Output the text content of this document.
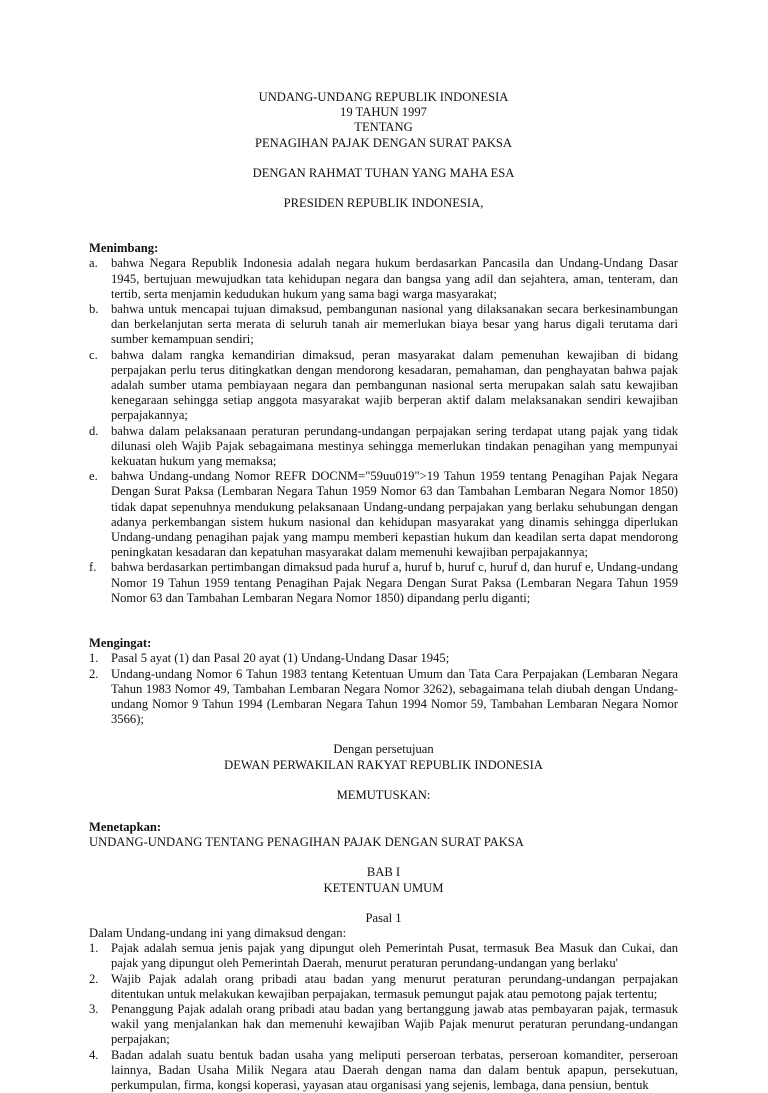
UNDANG-UNDANG REPUBLIK INDONESIA
19 TAHUN 1997
TENTANG
PENAGIHAN PAJAK DENGAN SURAT PAKSA
DENGAN RAHMAT TUHAN YANG MAHA ESA
PRESIDEN REPUBLIK INDONESIA,
Menimbang:
a.	bahwa Negara Republik Indonesia adalah negara hukum berdasarkan Pancasila dan Undang-Undang Dasar 1945, bertujuan mewujudkan tata kehidupan negara dan bangsa yang adil dan sejahtera, aman, tenteram, dan tertib, serta menjamin kedudukan hukum yang sama bagi warga masyarakat;
b. bahwa untuk mencapai tujuan dimaksud, pembangunan nasional yang dilaksanakan secara berkesinambungan dan berkelanjutan serta merata di seluruh tanah air memerlukan biaya besar yang harus digali terutama dari sumber kemampuan sendiri;
c.	bahwa dalam rangka kemandirian dimaksud, peran masyarakat dalam pemenuhan kewajiban di bidang perpajakan perlu terus ditingkatkan dengan mendorong kesadaran, pemahaman, dan penghayatan bahwa pajak adalah sumber utama pembiayaan negara dan pembangunan nasional serta merupakan salah satu kewajiban kenegaraan sehingga setiap anggota masyarakat wajib berperan aktif dalam melaksanakan sendiri kewajiban perpajakannya;
d. bahwa dalam pelaksanaan peraturan perundang-undangan perpajakan sering terdapat utang pajak yang tidak dilunasi oleh Wajib Pajak sebagaimana mestinya sehingga memerlukan tindakan penagihan yang mempunyai kekuatan hukum yang memaksa;
e.	bahwa Undang-undang Nomor REFR DOCNM="59uu019">19 Tahun 1959 tentang Penagihan Pajak Negara Dengan Surat Paksa (Lembaran Negara Tahun 1959 Nomor 63 dan Tambahan Lembaran Negara Nomor 1850) tidak dapat sepenuhnya mendukung pelaksanaan Undang-undang perpajakan yang berlaku sehubungan dengan adanya perkembangan sistem hukum nasional dan kehidupan masyarakat yang dinamis sehingga diperlukan Undang-undang penagihan pajak yang mampu memberi kepastian hukum dan keadilan serta dapat mendorong peningkatan kesadaran dan kepatuhan masyarakat dalam memenuhi kewajiban perpajakannya;
f.	bahwa berdasarkan pertimbangan dimaksud pada huruf a, huruf b, huruf c, huruf d, dan huruf e, Undang-undang Nomor 19 Tahun 1959 tentang Penagihan Pajak Negara Dengan Surat Paksa (Lembaran Negara Tahun 1959 Nomor 63 dan Tambahan Lembaran Negara Nomor 1850) dipandang perlu diganti;
Mengingat:
1. Pasal 5 ayat (1) dan Pasal 20 ayat (1) Undang-Undang Dasar 1945;
2. Undang-undang Nomor 6 Tahun 1983 tentang Ketentuan Umum dan Tata Cara Perpajakan (Lembaran Negara Tahun 1983 Nomor 49, Tambahan Lembaran Negara Nomor 3262), sebagaimana telah diubah dengan Undang-undang Nomor 9 Tahun 1994 (Lembaran Negara Tahun 1994 Nomor 59, Tambahan Lembaran Negara Nomor 3566);
Dengan persetujuan
DEWAN PERWAKILAN RAKYAT REPUBLIK INDONESIA
MEMUTUSKAN:
Menetapkan:
UNDANG-UNDANG TENTANG PENAGIHAN PAJAK DENGAN SURAT PAKSA
BAB I
KETENTUAN UMUM
Pasal 1
Dalam Undang-undang ini yang dimaksud dengan:
1. Pajak adalah semua jenis pajak yang dipungut oleh Pemerintah Pusat, termasuk Bea Masuk dan Cukai, dan pajak yang dipungut oleh Pemerintah Daerah, menurut peraturan perundang-undangan yang berlaku'
2. Wajib Pajak adalah orang pribadi atau badan yang menurut peraturan perundang-undangan perpajakan ditentukan untuk melakukan kewajiban perpajakan, termasuk pemungut pajak atau pemotong pajak tertentu;
3. Penanggung Pajak adalah orang pribadi atau badan yang bertanggung jawab atas pembayaran pajak, termasuk wakil yang menjalankan hak dan memenuhi kewajiban Wajib Pajak menurut peraturan perundang-undangan perpajakan;
4. Badan adalah suatu bentuk badan usaha yang meliputi perseroan terbatas, perseroan komanditer, perseroan lainnya, Badan Usaha Milik Negara atau Daerah dengan nama dan dalam bentuk apapun, persekutuan, perkumpulan, firma, kongsi koperasi, yayasan atau organisasi yang sejenis, lembaga, dana pensiun, bentuk
